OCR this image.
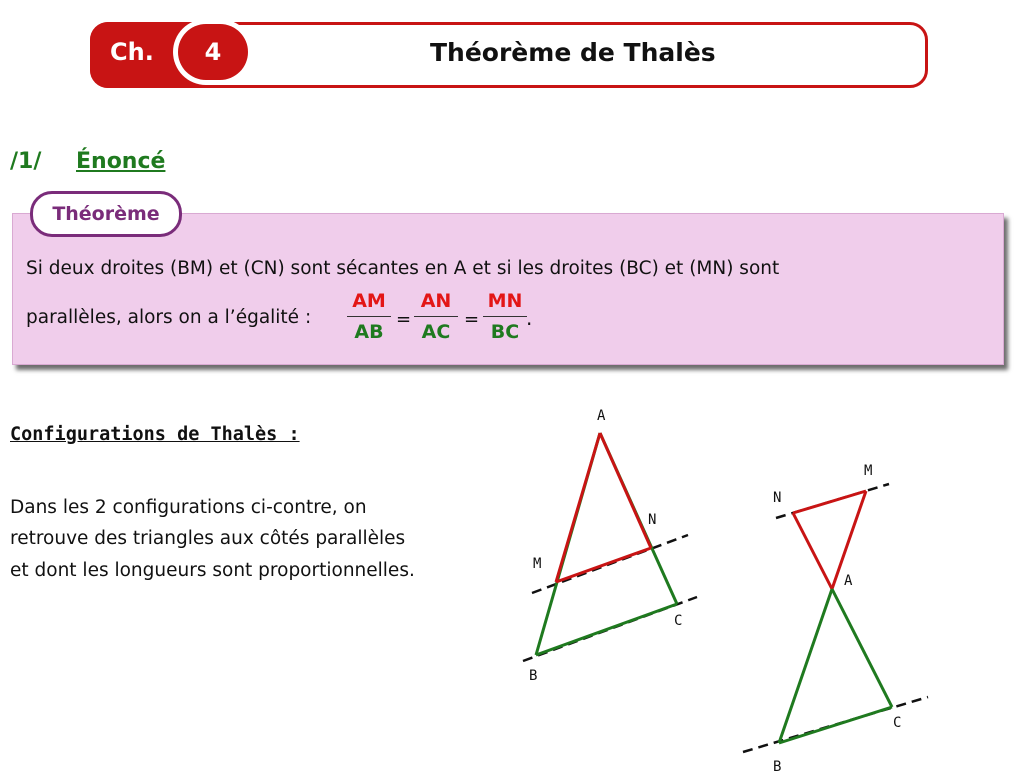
Ch.	4	Théorème de Thalès
/1/ Énoncé
Théorème
Si deux droites (BM) et (CN) sont sécantes en A et si les droites (BC) et (MN) sont
parallèles, alors on a l’égalité :
AM
AB
=
AN
AC
=
MN
BC
.
Configurations de Thalès :
Dans les 2 configurations ci-contre, on
retrouve des triangles aux côtés parallèles
et dont les longueurs sont proportionnelles.
A
M
N
B
C
N
M
A
B
C
